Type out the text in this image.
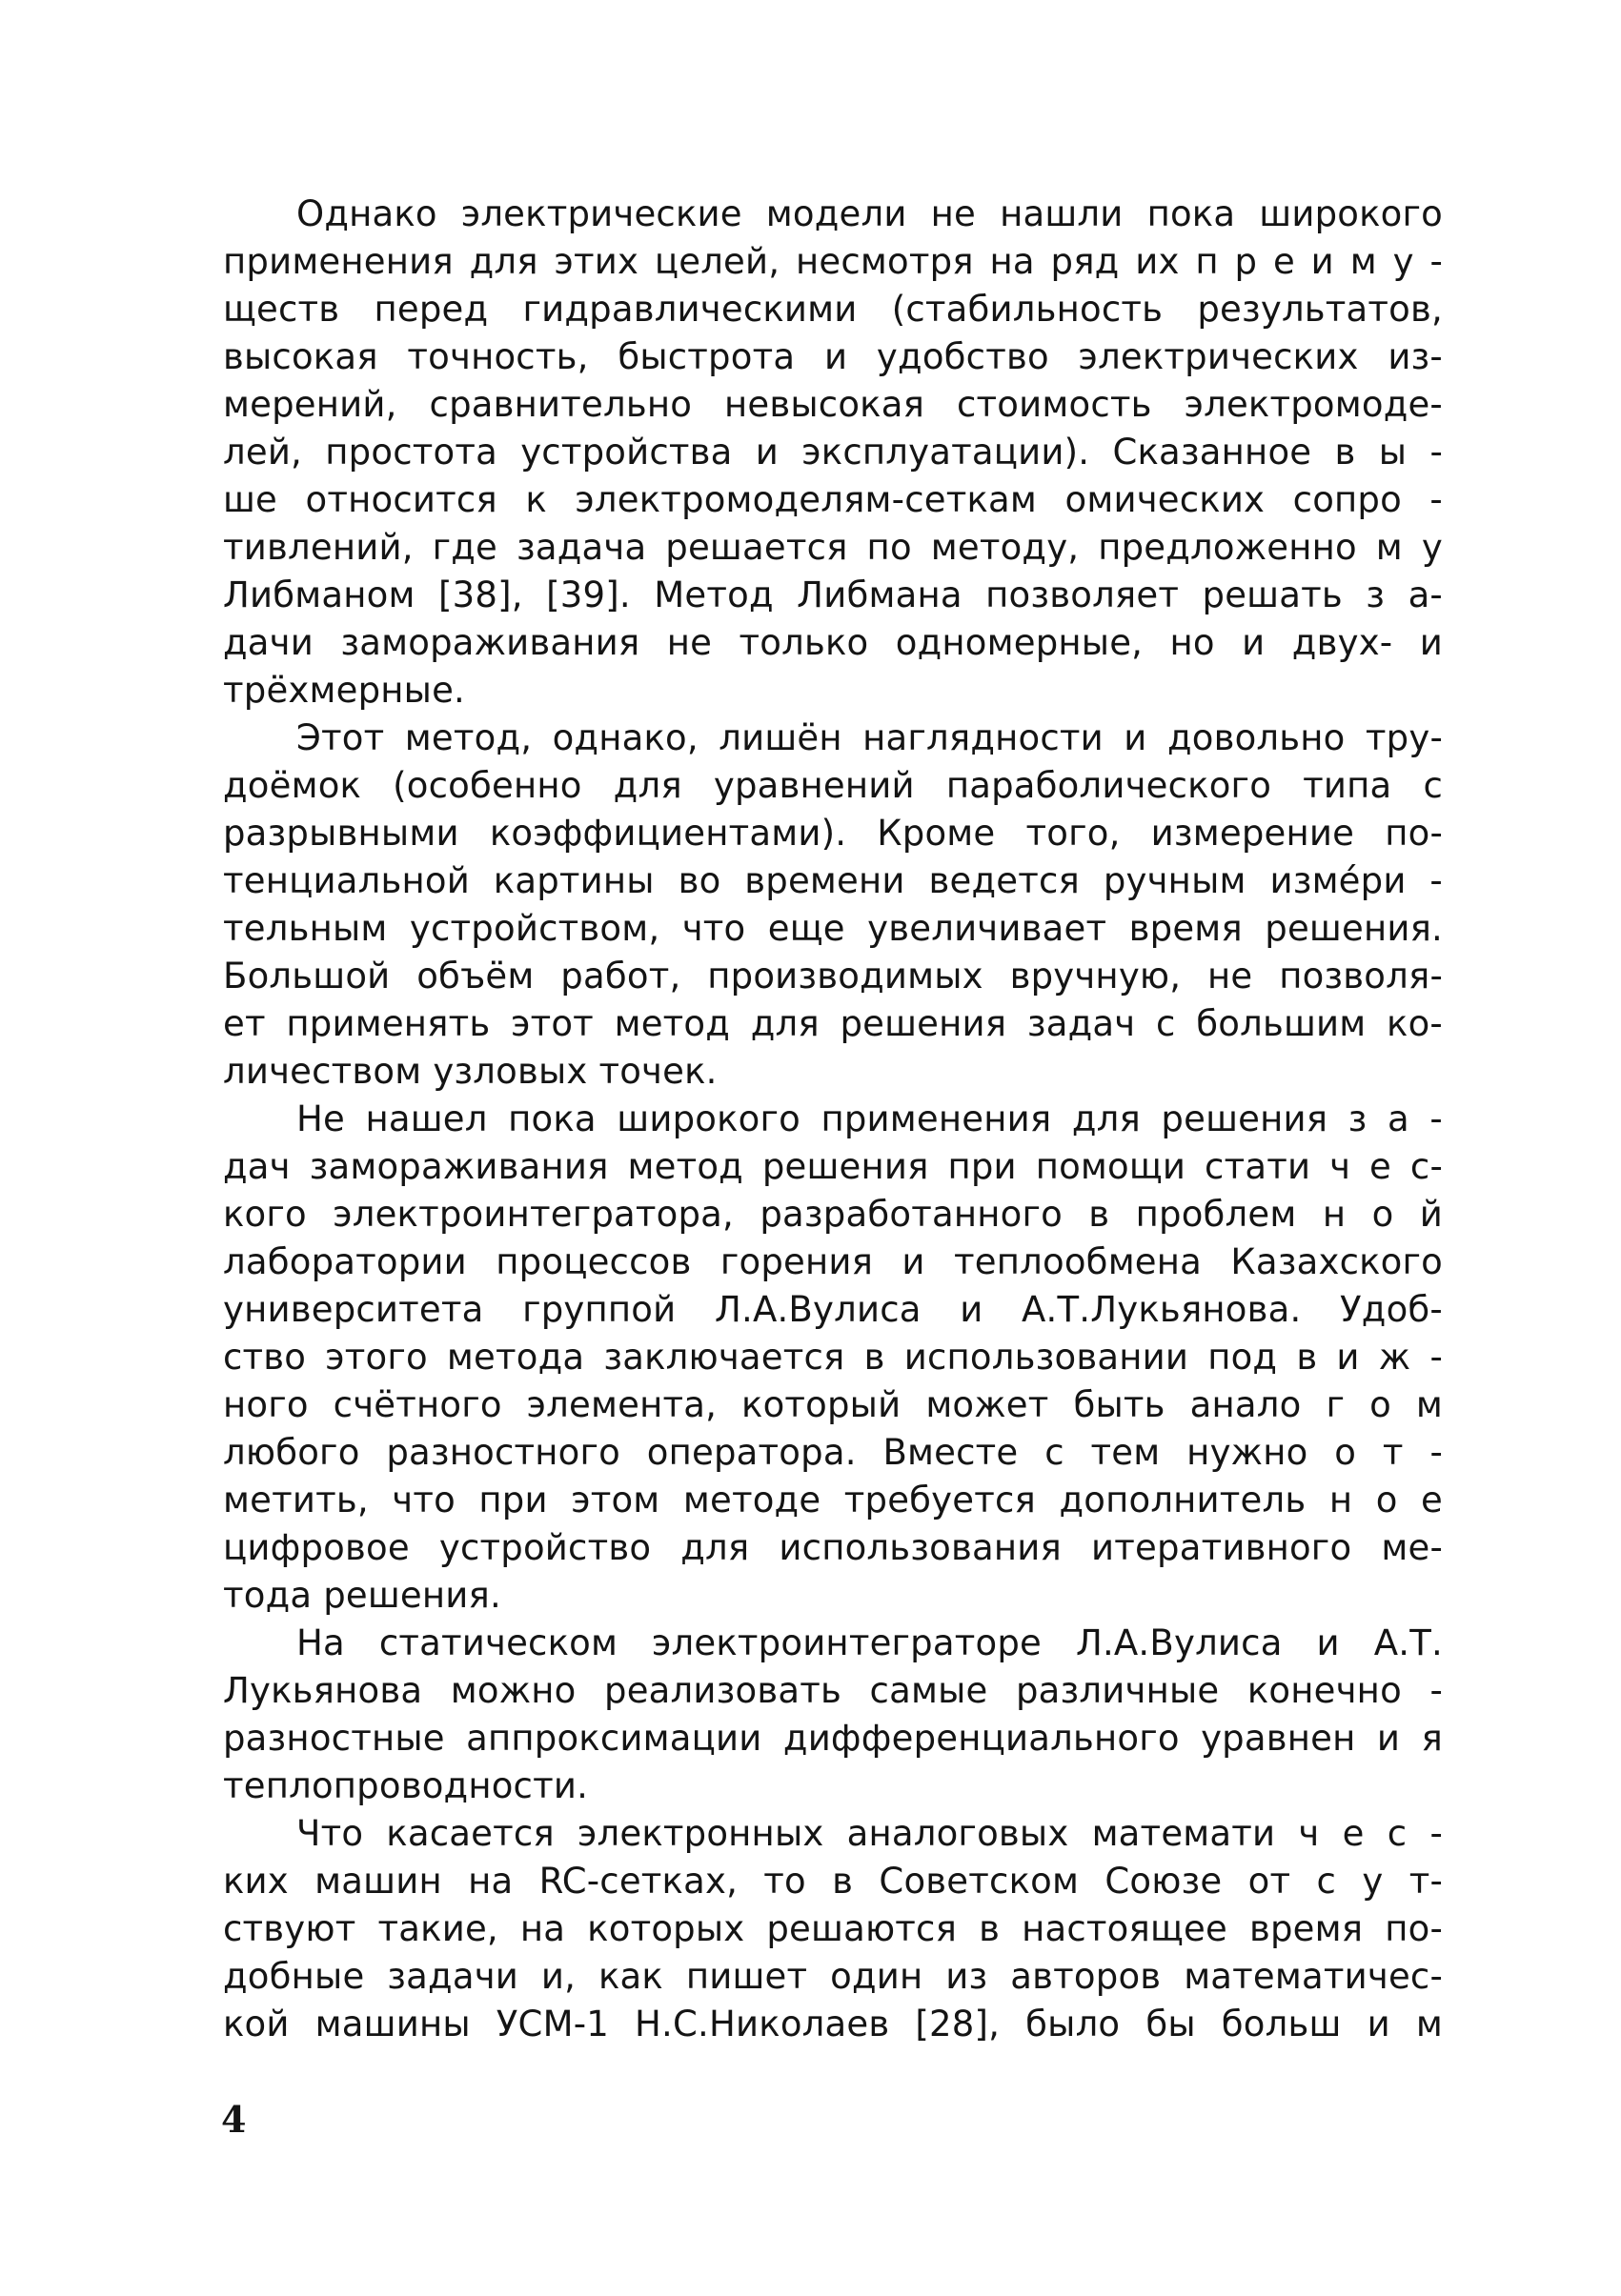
Однако электрические модели не нашли пока широкого
применения для этих целей, несмотря на ряд их п р е и м у -
ществ перед гидравлическими (стабильность результатов,
высокая точность, быстрота и удобство электрических из-
мерений, сравнительно невысокая стоимость электромоде-
лей, простота устройства и эксплуатации). Сказанное в ы -
ше относится к электромоделям-сеткам омических сопро -
тивлений, где задача решается по методу, предложенно м у
Либманом [38], [39]. Метод Либмана позволяет решать з а-
дачи замораживания не только одномерные, но и двух- и
трёхмерные.
Этот метод, однако, лишён наглядности и довольно тру-
доёмок (особенно для уравнений параболического типа с
разрывными коэффициентами). Кроме того, измерение по-
тенциальной картины во времени ведется ручным изме́ри -
тельным устройством, что еще увеличивает время решения.
Большой объём работ, производимых вручную, не позволя-
ет применять этот метод для решения задач с большим ко-
личеством узловых точек.
Не нашел пока широкого применения для решения з а -
дач замораживания метод решения при помощи стати ч е с-
кого электроинтегратора, разработанного в проблем н о й
лаборатории процессов горения и теплообмена Казахского
университета группой Л.А.Вулиса и А.Т.Лукьянова. Удоб-
ство этого метода заключается в использовании под в и ж -
ного счётного элемента, который может быть анало г о м
любого разностного оператора. Вместе с тем нужно о т -
метить, что при этом методе требуется дополнитель н о е
цифровое устройство для использования итеративного ме-
тода решения.
На статическом электроинтеграторе Л.А.Вулиса и А.Т.
Лукьянова можно реализовать самые различные конечно -
разностные аппроксимации дифференциального уравнен и я
теплопроводности.
Что касается электронных аналоговых математи ч е с -
ких машин на RC-сетках, то в Советском Союзе от с у т-
ствуют такие, на которых решаются в настоящее время по-
добные задачи и, как пишет один из авторов математичес-
кой машины УСМ-1 Н.С.Николаев [28], было бы больш и м
4
